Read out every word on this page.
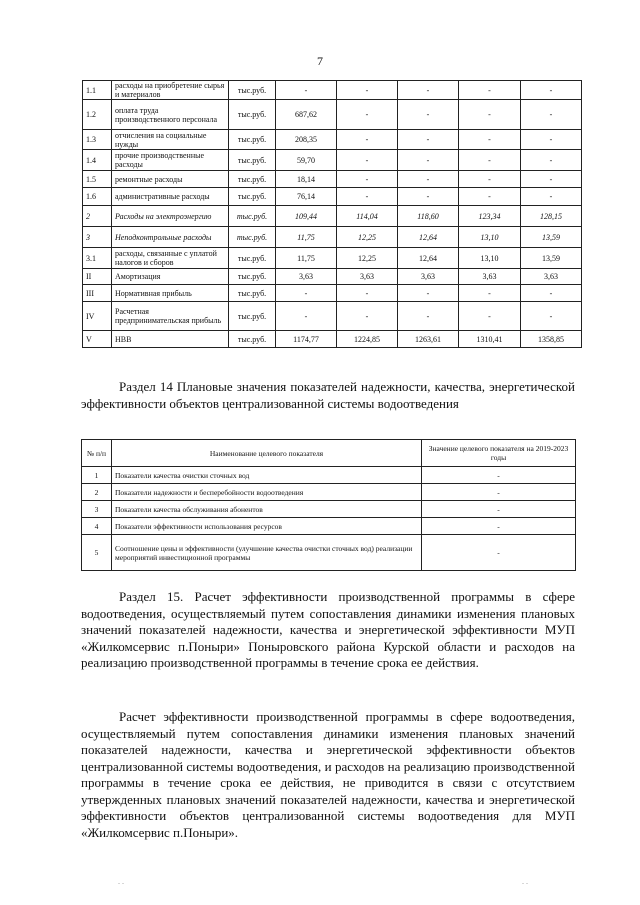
7
1.1	расходы на приобретение сырья и материалов	тыс.руб.	-	-	-	-	-
1.2	оплата труда производственного персонала	тыс.руб.	687,62	-	-	-	-
1.3	отчисления на социальные нужды	тыс.руб.	208,35	-	-	-	-
1.4	прочие производственные расходы	тыс.руб.	59,70	-	-	-	-
1.5	ремонтные расходы	тыс.руб.	18,14	-	-	-	-
1.6	административные расходы	тыс.руб.	76,14	-	-	-	-
2	Расходы на электроэнергию	тыс.руб.	109,44	114,04	118,60	123,34	128,15
3	Неподконтрольные расходы	тыс.руб.	11,75	12,25	12,64	13,10	13,59
3.1	расходы, связанные с уплатой налогов и сборов	тыс.руб.	11,75	12,25	12,64	13,10	13,59
II	Амортизация	тыс.руб.	3,63	3,63	3,63	3,63	3,63
III	Нормативная прибыль	тыс.руб.	-	-	-	-	-
IV	Расчетная предпринимательская прибыль	тыс.руб.	-	-	-	-	-
V	НВВ	тыс.руб.	1174,77	1224,85	1263,61	1310,41	1358,85

Раздел 14 Плановые значения показателей надежности, качества, энергетической эффективности объектов централизованной системы водоотведения

№ п/п	Наименование целевого показателя	Значение целевого показателя на 2019-2023 годы
1	Показатели качества очистки сточных вод	-
2	Показатели надежности и бесперебойности водоотведения	-
3	Показатели качества обслуживания абонентов	-
4	Показатели эффективности использования ресурсов	-
5	Соотношение цены и эффективности (улучшение качества очистки сточных вод) реализации мероприятий инвестиционной программы	-

Раздел 15. Расчет эффективности производственной программы в сфере водоотведения, осуществляемый путем сопоставления динамики изменения плановых значений показателей надежности, качества и энергетической эффективности МУП «Жилкомсервис п.Поныри» Поныровского района Курской области и расходов на реализацию производственной программы в течение срока ее действия.

Расчет эффективности производственной программы в сфере водоотведения, осуществляемый путем сопоставления динамики изменения плановых значений показателей надежности, качества и энергетической эффективности объектов централизованной системы водоотведения, и расходов на реализацию производственной программы в течение срока ее действия, не приводится в связи с отсутствием утвержденных плановых значений показателей надежности, качества и энергетической эффективности объектов централизованной системы водоотведения для МУП «Жилкомсервис п.Поныри».

. .	. .
